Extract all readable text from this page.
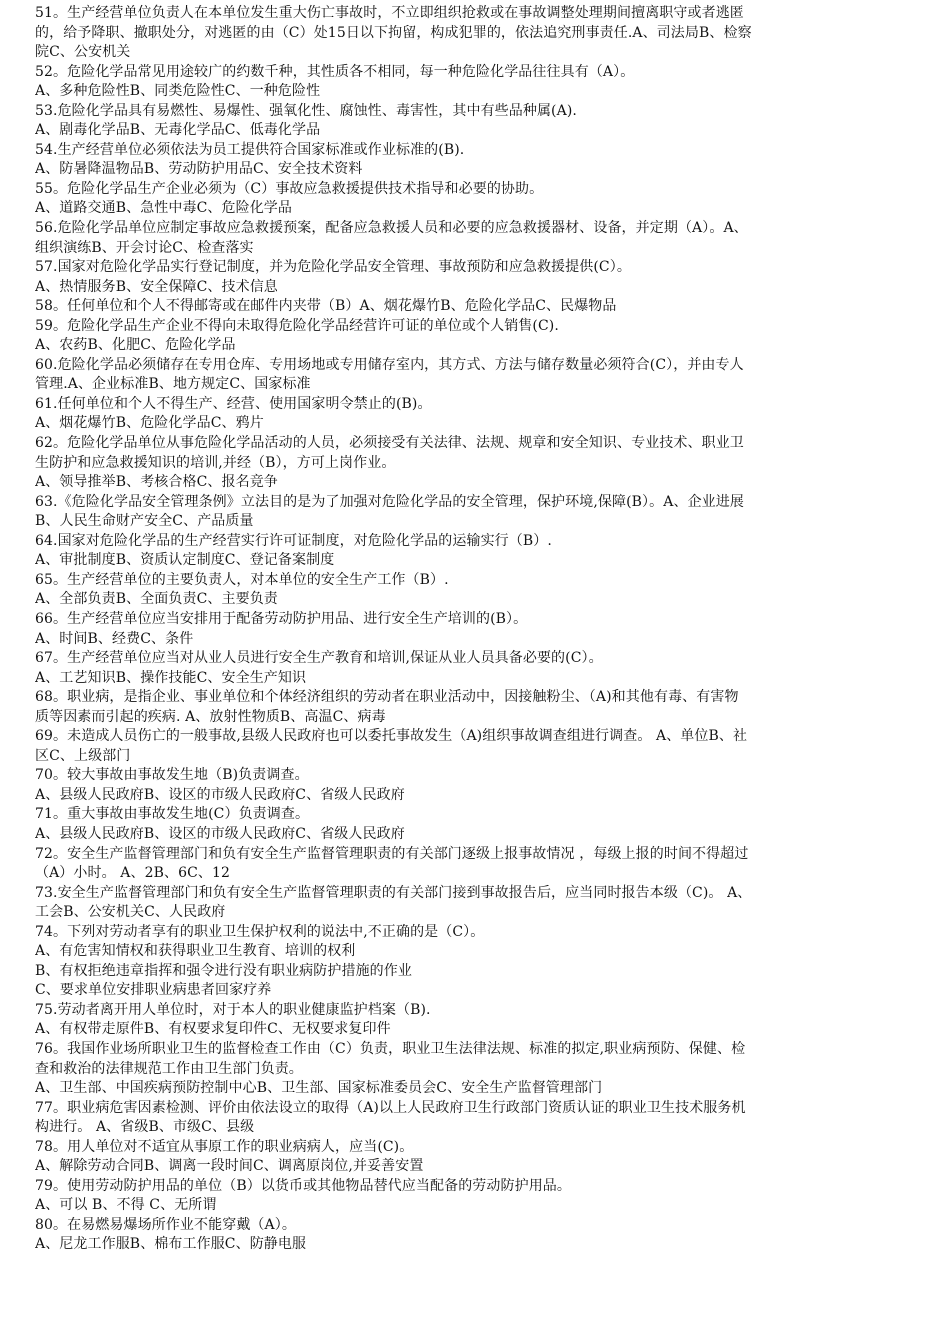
51。生产经营单位负责人在本单位发生重大伤亡事故时，不立即组织抢救或在事故调整处理期间擅离职守或者逃匿
的，给予降职、撤职处分，对逃匿的由（C）处15日以下拘留，构成犯罪的，依法追究刑事责任.A、司法局B、检察
院C、公安机关
52。危险化学品常见用途较广的约数千种，其性质各不相同，每一种危险化学品往往具有（A）。
A、多种危险性B、同类危险性C、一种危险性
53.危险化学品具有易燃性、易爆性、强氧化性、腐蚀性、毒害性，其中有些品种属(A).
A、剧毒化学品B、无毒化学品C、低毒化学品
54.生产经营单位必须依法为员工提供符合国家标准或作业标准的(B).
A、防暑降温物品B、劳动防护用品C、安全技术资料
55。危险化学品生产企业必须为（C）事故应急救援提供技术指导和必要的协助。
A、道路交通B、急性中毒C、危险化学品
56.危险化学品单位应制定事故应急救援预案，配备应急救援人员和必要的应急救援器材、设备，并定期（A）。A、
组织演练B、开会讨论C、检查落实
57.国家对危险化学品实行登记制度，并为危险化学品安全管理、事故预防和应急救援提供(C）。
A、热情服务B、安全保障C、技术信息
58。任何单位和个人不得邮寄或在邮件内夹带（B）A、烟花爆竹B、危险化学品C、民爆物品
59。危险化学品生产企业不得向未取得危险化学品经营许可证的单位或个人销售(C).
A、农药B、化肥C、危险化学品
60.危险化学品必须储存在专用仓库、专用场地或专用储存室内，其方式、方法与储存数量必须符合(C），并由专人
管理.A、企业标准B、地方规定C、国家标准
61.任何单位和个人不得生产、经营、使用国家明令禁止的(B)。
A、烟花爆竹B、危险化学品C、鸦片
62。危险化学品单位从事危险化学品活动的人员，必须接受有关法律、法规、规章和安全知识、专业技术、职业卫
生防护和应急救援知识的培训,并经（B），方可上岗作业。
A、领导推举B、考核合格C、报名竞争
63.《危险化学品安全管理条例》立法目的是为了加强对危险化学品的安全管理，保护环境,保障(B）。A、企业进展
B、人民生命财产安全C、产品质量
64.国家对危险化学品的生产经营实行许可证制度，对危险化学品的运输实行（B）.
A、审批制度B、资质认定制度C、登记备案制度
65。生产经营单位的主要负责人，对本单位的安全生产工作（B）.
A、全部负责B、全面负责C、主要负责
66。生产经营单位应当安排用于配备劳动防护用品、进行安全生产培训的(B）。
A、时间B、经费C、条件
67。生产经营单位应当对从业人员进行安全生产教育和培训,保证从业人员具备必要的(C）。
A、工艺知识B、操作技能C、安全生产知识
68。职业病，是指企业、事业单位和个体经济组织的劳动者在职业活动中，因接触粉尘、（A)和其他有毒、有害物
质等因素而引起的疾病. A、放射性物质B、高温C、病毒
69。未造成人员伤亡的一般事故,县级人民政府也可以委托事故发生（A)组织事故调查组进行调查。 A、单位B、社
区C、上级部门
70。较大事故由事故发生地（B)负责调查。
A、县级人民政府B、设区的市级人民政府C、省级人民政府
71。重大事故由事故发生地(C）负责调查。
A、县级人民政府B、设区的市级人民政府C、省级人民政府
72。安全生产监督管理部门和负有安全生产监督管理职责的有关部门逐级上报事故情况 ，每级上报的时间不得超过
（A）小时。 A、2B、6C、12
73.安全生产监督管理部门和负有安全生产监督管理职责的有关部门接到事故报告后，应当同时报告本级（C)。 A、
工会B、公安机关C、人民政府
74。下列对劳动者享有的职业卫生保护权利的说法中,不正确的是（C）。
A、有危害知情权和获得职业卫生教育、培训的权利
B、有权拒绝违章指挥和强令进行没有职业病防护措施的作业
C、要求单位安排职业病患者回家疗养
75.劳动者离开用人单位时，对于本人的职业健康监护档案（B).
A、有权带走原件B、有权要求复印件C、无权要求复印件
76。我国作业场所职业卫生的监督检查工作由（C）负责，职业卫生法律法规、标准的拟定,职业病预防、保健、检
查和救治的法律规范工作由卫生部门负责。
A、卫生部、中国疾病预防控制中心B、卫生部、国家标准委员会C、安全生产监督管理部门
77。职业病危害因素检测、评价由依法设立的取得（A)以上人民政府卫生行政部门资质认证的职业卫生技术服务机
构进行。 A、省级B、市级C、县级
78。用人单位对不适宜从事原工作的职业病病人，应当(C)。
A、解除劳动合同B、调离一段时间C、调离原岗位,并妥善安置
79。使用劳动防护用品的单位（B）以货币或其他物品替代应当配备的劳动防护用品。
A、可以 B、不得 C、无所谓
80。在易燃易爆场所作业不能穿戴（A）。
A、尼龙工作服B、棉布工作服C、防静电服
